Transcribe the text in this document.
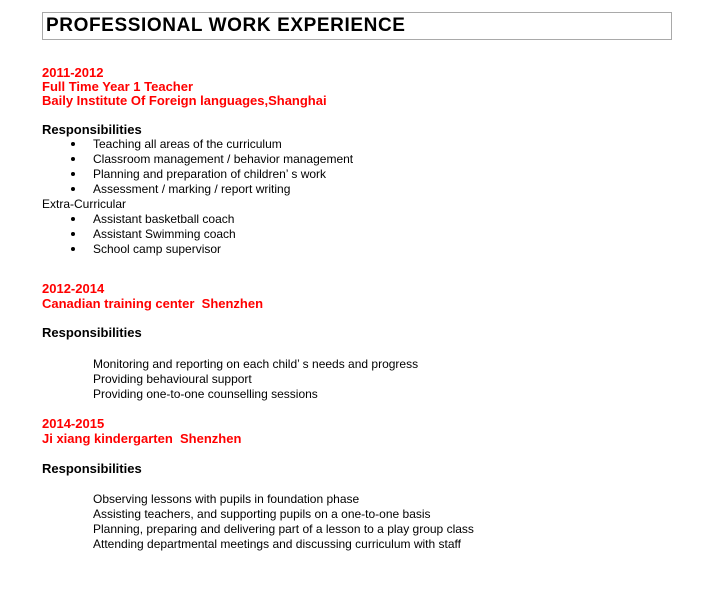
PROFESSIONAL WORK EXPERIENCE
2011-2012
Full Time Year 1 Teacher
Baily Institute Of Foreign languages,Shanghai
Responsibilities
Teaching all areas of the curriculum
Classroom management / behavior management
Planning and preparation of children’ s work
Assessment / marking / report writing
Extra-Curricular
Assistant basketball coach
Assistant Swimming coach
School camp supervisor
2012-2014
Canadian training center  Shenzhen
Responsibilities
Monitoring and reporting on each child’ s needs and progress
Providing behavioural support
Providing one-to-one counselling sessions
2014-2015
Ji xiang kindergarten  Shenzhen
Responsibilities
Observing lessons with pupils in foundation phase
Assisting teachers, and supporting pupils on a one-to-one basis
Planning, preparing and delivering part of a lesson to a play group class
Attending departmental meetings and discussing curriculum with staff
